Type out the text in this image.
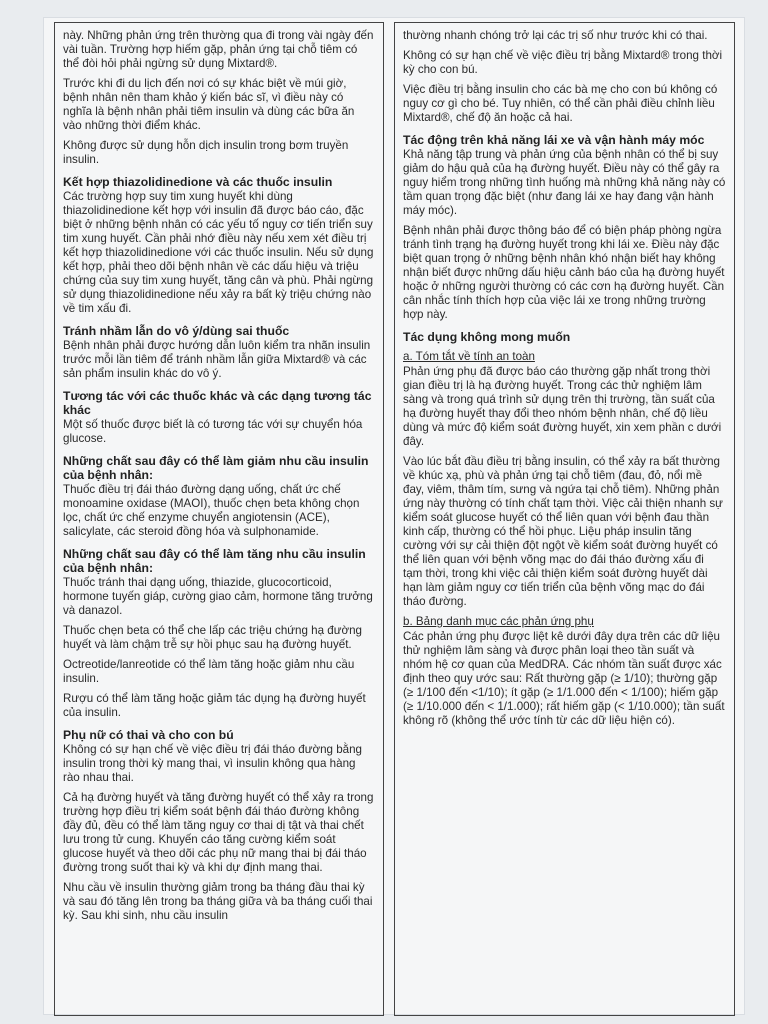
này. Những phản ứng trên thường qua đi trong vài ngày đến vài tuần. Trường hợp hiếm gặp, phản ứng tại chỗ tiêm có thể đòi hỏi phải ngừng sử dụng Mixtard®.

Trước khi đi du lịch đến nơi có sự khác biệt về múi giờ, bệnh nhân nên tham khảo ý kiến bác sĩ, vì điều này có nghĩa là bệnh nhân phải tiêm insulin và dùng các bữa ăn vào những thời điểm khác.

Không được sử dụng hỗn dịch insulin trong bơm truyền insulin.

Kết hợp thiazolidinedione và các thuốc insulin

Các trường hợp suy tim xung huyết khi dùng thiazolidinedione kết hợp với insulin đã được báo cáo, đặc biệt ở những bệnh nhân có các yếu tố nguy cơ tiến triển suy tim xung huyết. Cần phải nhớ điều này nếu xem xét điều trị kết hợp thiazolidinedione với các thuốc insulin. Nếu sử dụng kết hợp, phải theo dõi bệnh nhân về các dấu hiệu và triệu chứng của suy tim xung huyết, tăng cân và phù. Phải ngừng sử dụng thiazolidinedione nếu xảy ra bất kỳ triệu chứng nào về tim xấu đi.

Tránh nhầm lẫn do vô ý/dùng sai thuốc

Bệnh nhân phải được hướng dẫn luôn kiểm tra nhãn insulin trước mỗi lần tiêm để tránh nhầm lẫn giữa Mixtard® và các sản phẩm insulin khác do vô ý.

Tương tác với các thuốc khác và các dạng tương tác khác

Một số thuốc được biết là có tương tác với sự chuyển hóa glucose.

Những chất sau đây có thể làm giảm nhu cầu insulin của bệnh nhân:

Thuốc điều trị đái tháo đường dạng uống, chất ức chế monoamine oxidase (MAOI), thuốc chẹn beta không chọn lọc, chất ức chế enzyme chuyển angiotensin (ACE), salicylate, các steroid đồng hóa và sulphonamide.

Những chất sau đây có thể làm tăng nhu cầu insulin của bệnh nhân:

Thuốc tránh thai dạng uống, thiazide, glucocorticoid, hormone tuyến giáp, cường giao cảm, hormone tăng trưởng và danazol.

Thuốc chẹn beta có thể che lấp các triệu chứng hạ đường huyết và làm chậm trễ sự hồi phục sau hạ đường huyết.

Octreotide/lanreotide có thể làm tăng hoặc giảm nhu cầu insulin.

Rượu có thể làm tăng hoặc giảm tác dụng hạ đường huyết của insulin.

Phụ nữ có thai và cho con bú

Không có sự hạn chế về việc điều trị đái tháo đường bằng insulin trong thời kỳ mang thai, vì insulin không qua hàng rào nhau thai.

Cả hạ đường huyết và tăng đường huyết có thể xảy ra trong trường hợp điều trị kiểm soát bệnh đái tháo đường không đầy đủ, đều có thể làm tăng nguy cơ thai dị tật và thai chết lưu trong tử cung. Khuyến cáo tăng cường kiểm soát glucose huyết và theo dõi các phụ nữ mang thai bị đái tháo đường trong suốt thai kỳ và khi dự định mang thai.

Nhu cầu về insulin thường giảm trong ba tháng đầu thai kỳ và sau đó tăng lên trong ba tháng giữa và ba tháng cuối thai kỳ. Sau khi sinh, nhu cầu insulin

thường nhanh chóng trở lại các trị số như trước khi có thai.

Không có sự hạn chế về việc điều trị bằng Mixtard® trong thời kỳ cho con bú.

Việc điều trị bằng insulin cho các bà mẹ cho con bú không có nguy cơ gì cho bé. Tuy nhiên, có thể cần phải điều chỉnh liều Mixtard®, chế độ ăn hoặc cả hai.

Tác động trên khả năng lái xe và vận hành máy móc

Khả năng tập trung và phản ứng của bệnh nhân có thể bị suy giảm do hậu quả của hạ đường huyết. Điều này có thể gây ra nguy hiểm trong những tình huống mà những khả năng này có tầm quan trọng đặc biệt (như đang lái xe hay đang vận hành máy móc).

Bệnh nhân phải được thông báo để có biện pháp phòng ngừa tránh tình trạng hạ đường huyết trong khi lái xe. Điều này đặc biệt quan trọng ở những bệnh nhân khó nhận biết hay không nhận biết được những dấu hiệu cảnh báo của hạ đường huyết hoặc ở những người thường có các cơn hạ đường huyết. Cần cân nhắc tính thích hợp của việc lái xe trong những trường hợp này.

Tác dụng không mong muốn
a. Tóm tắt về tính an toàn

Phản ứng phụ đã được báo cáo thường gặp nhất trong thời gian điều trị là hạ đường huyết. Trong các thử nghiệm lâm sàng và trong quá trình sử dụng trên thị trường, tần suất của hạ đường huyết thay đổi theo nhóm bệnh nhân, chế độ liều dùng và mức độ kiểm soát đường huyết, xin xem phần c dưới đây.

Vào lúc bắt đầu điều trị bằng insulin, có thể xảy ra bất thường về khúc xạ, phù và phản ứng tại chỗ tiêm (đau, đỏ, nổi mề đay, viêm, thâm tím, sưng và ngứa tại chỗ tiêm). Những phản ứng này thường có tính chất tạm thời. Việc cải thiện nhanh sự kiểm soát glucose huyết có thể liên quan với bệnh đau thần kinh cấp, thường có thể hồi phục. Liệu pháp insulin tăng cường với sự cải thiện đột ngột về kiểm soát đường huyết có thể liên quan với bệnh võng mạc do đái tháo đường xấu đi tạm thời, trong khi việc cải thiện kiểm soát đường huyết dài hạn làm giảm nguy cơ tiến triển của bệnh võng mạc do đái tháo đường.

b. Bảng danh mục các phản ứng phụ

Các phản ứng phụ được liệt kê dưới đây dựa trên các dữ liệu thử nghiệm lâm sàng và được phân loại theo tần suất và nhóm hệ cơ quan của MedDRA. Các nhóm tần suất được xác định theo quy ước sau: Rất thường gặp (≥ 1/10); thường gặp (≥ 1/100 đến <1/10); ít gặp (≥ 1/1.000 đến < 1/100); hiếm gặp (≥ 1/10.000 đến < 1/1.000); rất hiếm gặp (< 1/10.000); tần suất không rõ (không thể ước tính từ các dữ liệu hiện có).
